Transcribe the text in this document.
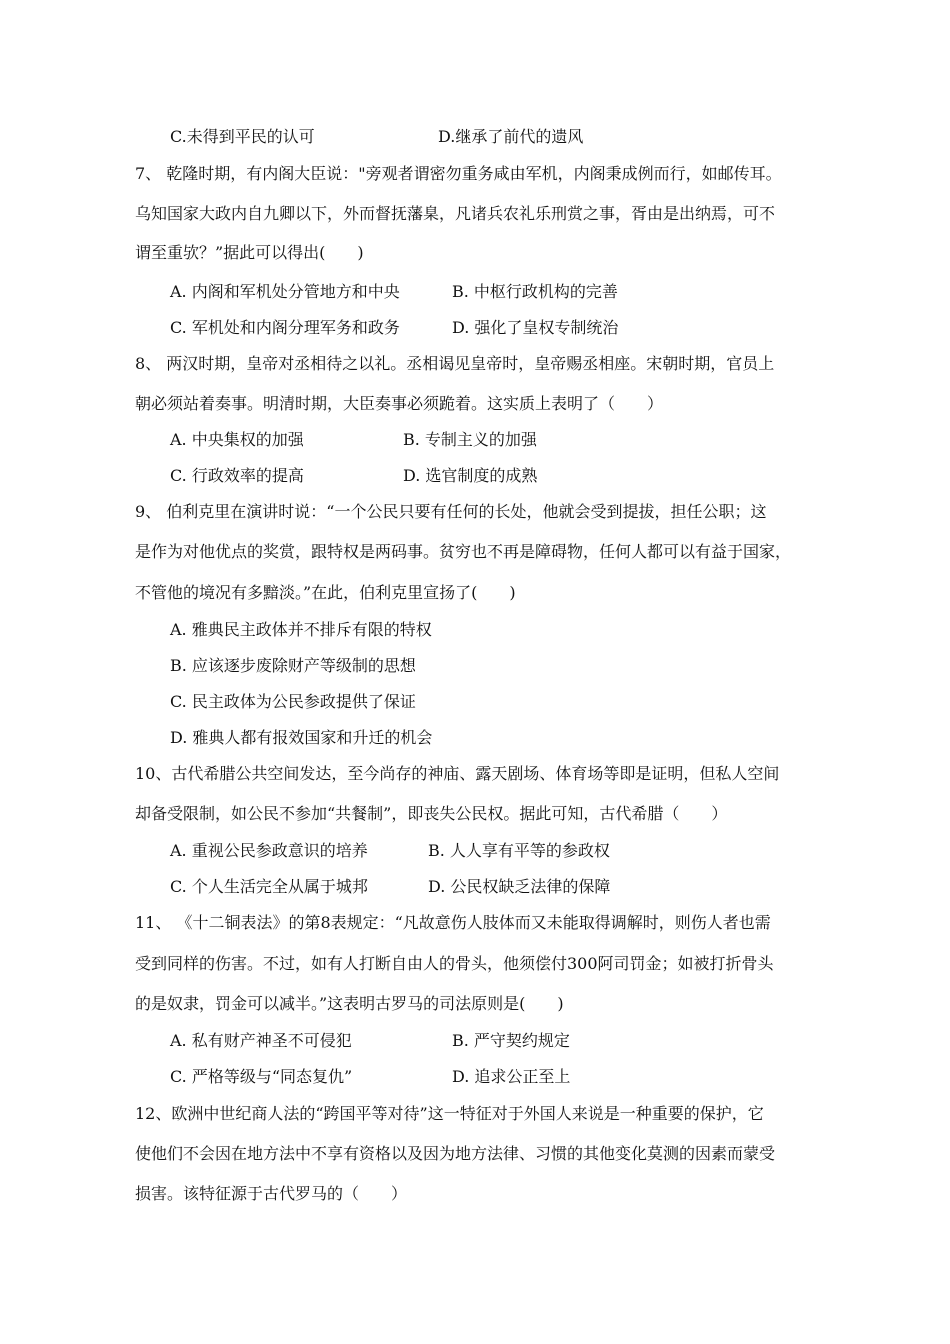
C.未得到平民的认可	D.继承了前代的遗风
7、 乾隆时期，有内阁大臣说："旁观者谓密勿重务咸由军机，内阁秉成例而行，如邮传耳。
乌知国家大政内自九卿以下，外而督抚藩臬，凡诸兵农礼乐刑赏之事，胥由是出纳焉，可不
谓至重欤？”据此可以得出(　　)
A. 内阁和军机处分管地方和中央	B. 中枢行政机构的完善
C. 军机处和内阁分理军务和政务	D. 强化了皇权专制统治
8、 两汉时期，皇帝对丞相待之以礼。丞相谒见皇帝时，皇帝赐丞相座。宋朝时期，官员上
朝必须站着奏事。明清时期，大臣奏事必须跪着。这实质上表明了（　　）
A. 中央集权的加强	B. 专制主义的加强
C. 行政效率的提高	D. 选官制度的成熟
9、 伯利克里在演讲时说：“一个公民只要有任何的长处，他就会受到提拔，担任公职；这
是作为对他优点的奖赏，跟特权是两码事。贫穷也不再是障碍物，任何人都可以有益于国家，
不管他的境况有多黯淡。”在此，伯利克里宣扬了(　　)
A. 雅典民主政体并不排斥有限的特权
B. 应该逐步废除财产等级制的思想
C. 民主政体为公民参政提供了保证
D. 雅典人都有报效国家和升迁的机会
10、古代希腊公共空间发达，至今尚存的神庙、露天剧场、体育场等即是证明，但私人空间
却备受限制，如公民不参加“共餐制”，即丧失公民权。据此可知，古代希腊（　　）
A. 重视公民参政意识的培养	B. 人人享有平等的参政权
C. 个人生活完全从属于城邦	D. 公民权缺乏法律的保障
11、 《十二铜表法》的第8表规定：“凡故意伤人肢体而又未能取得调解时，则伤人者也需
受到同样的伤害。不过，如有人打断自由人的骨头，他须偿付300阿司罚金；如被打折骨头
的是奴隶，罚金可以减半。”这表明古罗马的司法原则是(　　)
A. 私有财产神圣不可侵犯	B. 严守契约规定
C. 严格等级与“同态复仇”	D. 追求公正至上
12、欧洲中世纪商人法的“跨国平等对待”这一特征对于外国人来说是一种重要的保护，它
使他们不会因在地方法中不享有资格以及因为地方法律、习惯的其他变化莫测的因素而蒙受
损害。该特征源于古代罗马的（　　）
